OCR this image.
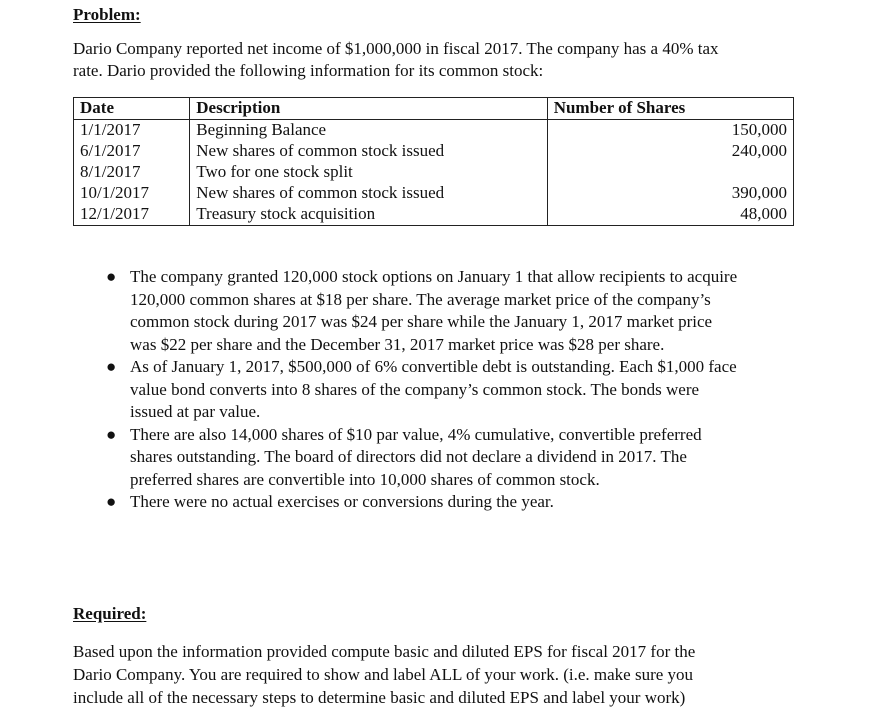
Problem:
Dario Company reported net income of $1,000,000 in fiscal 2017. The company has a 40% tax
rate. Dario provided the following information for its common stock:
Date	Description	Number of Shares
1/1/2017	Beginning Balance	150,000
6/1/2017	New shares of common stock issued	240,000
8/1/2017	Two for one stock split	
10/1/2017	New shares of common stock issued	390,000
12/1/2017	Treasury stock acquisition	48,000
● The company granted 120,000 stock options on January 1 that allow recipients to acquire
120,000 common shares at $18 per share. The average market price of the company’s
common stock during 2017 was $24 per share while the January 1, 2017 market price
was $22 per share and the December 31, 2017 market price was $28 per share.
● As of January 1, 2017, $500,000 of 6% convertible debt is outstanding. Each $1,000 face
value bond converts into 8 shares of the company’s common stock. The bonds were
issued at par value.
● There are also 14,000 shares of $10 par value, 4% cumulative, convertible preferred
shares outstanding. The board of directors did not declare a dividend in 2017. The
preferred shares are convertible into 10,000 shares of common stock.
● There were no actual exercises or conversions during the year.
Required:
Based upon the information provided compute basic and diluted EPS for fiscal 2017 for the
Dario Company. You are required to show and label ALL of your work. (i.e. make sure you
include all of the necessary steps to determine basic and diluted EPS and label your work)
